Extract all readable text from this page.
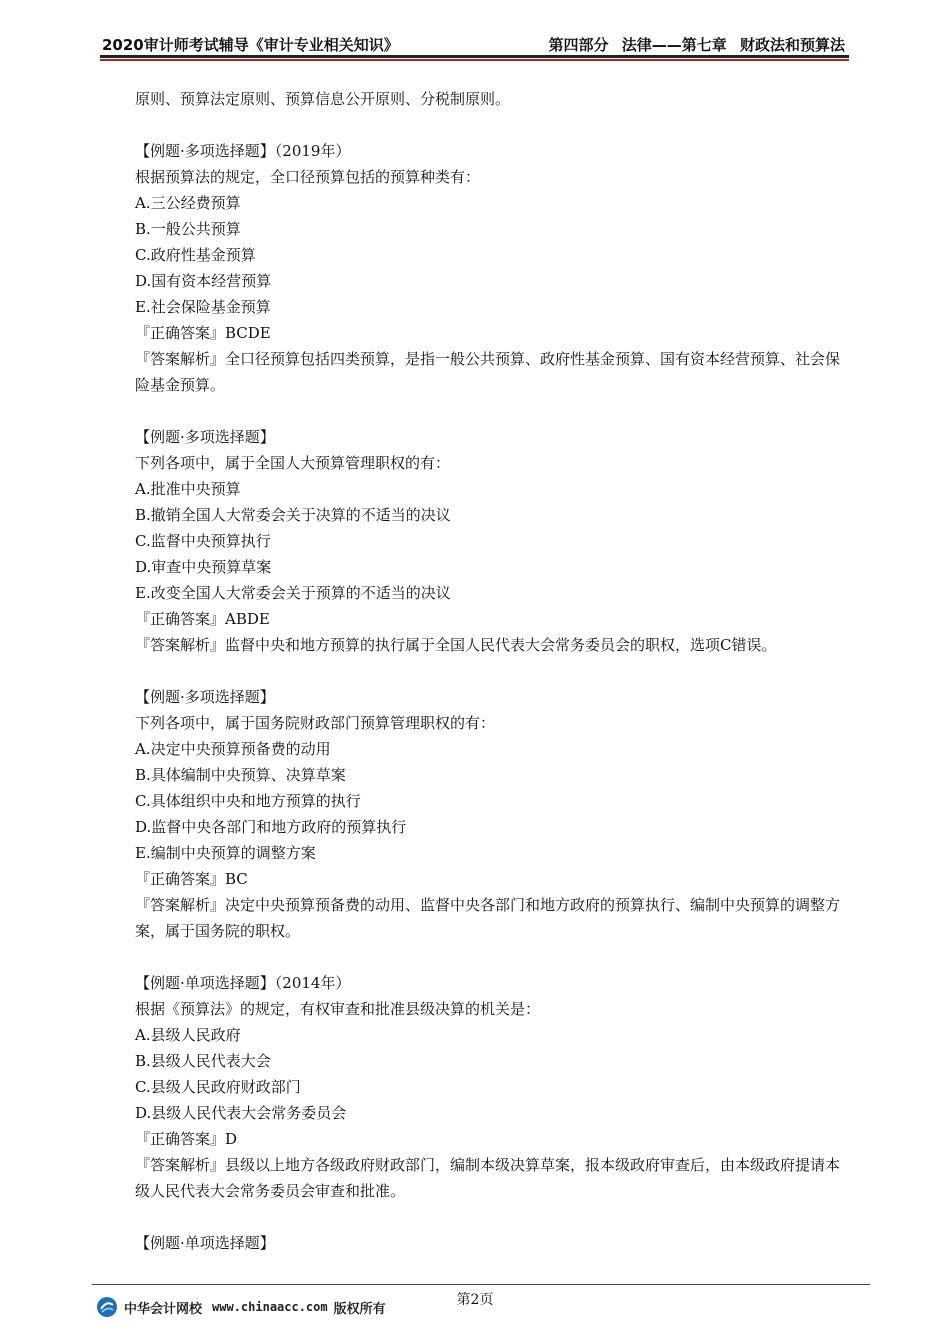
2020审计师考试辅导《审计专业相关知识》	第四部分 法律——第七章 财政法和预算法
原则、预算法定原则、预算信息公开原则、分税制原则。
【例题·多项选择题】（2019年）
根据预算法的规定，全口径预算包括的预算种类有：
A.三公经费预算
B.一般公共预算
C.政府性基金预算
D.国有资本经营预算
E.社会保险基金预算
『正确答案』BCDE
『答案解析』全口径预算包括四类预算，是指一般公共预算、政府性基金预算、国有资本经营预算、社会保险基金预算。
【例题·多项选择题】
下列各项中，属于全国人大预算管理职权的有：
A.批准中央预算
B.撤销全国人大常委会关于决算的不适当的决议
C.监督中央预算执行
D.审查中央预算草案
E.改变全国人大常委会关于预算的不适当的决议
『正确答案』ABDE
『答案解析』监督中央和地方预算的执行属于全国人民代表大会常务委员会的职权，选项C错误。
【例题·多项选择题】
下列各项中，属于国务院财政部门预算管理职权的有：
A.决定中央预算预备费的动用
B.具体编制中央预算、决算草案
C.具体组织中央和地方预算的执行
D.监督中央各部门和地方政府的预算执行
E.编制中央预算的调整方案
『正确答案』BC
『答案解析』决定中央预算预备费的动用、监督中央各部门和地方政府的预算执行、编制中央预算的调整方案，属于国务院的职权。
【例题·单项选择题】（2014年）
根据《预算法》的规定，有权审查和批准县级决算的机关是：
A.县级人民政府
B.县级人民代表大会
C.县级人民政府财政部门
D.县级人民代表大会常务委员会
『正确答案』D
『答案解析』县级以上地方各级政府财政部门，编制本级决算草案，报本级政府审查后，由本级政府提请本级人民代表大会常务委员会审查和批准。
【例题·单项选择题】
第2页
中华会计网校 www.chinaacc.com 版权所有
